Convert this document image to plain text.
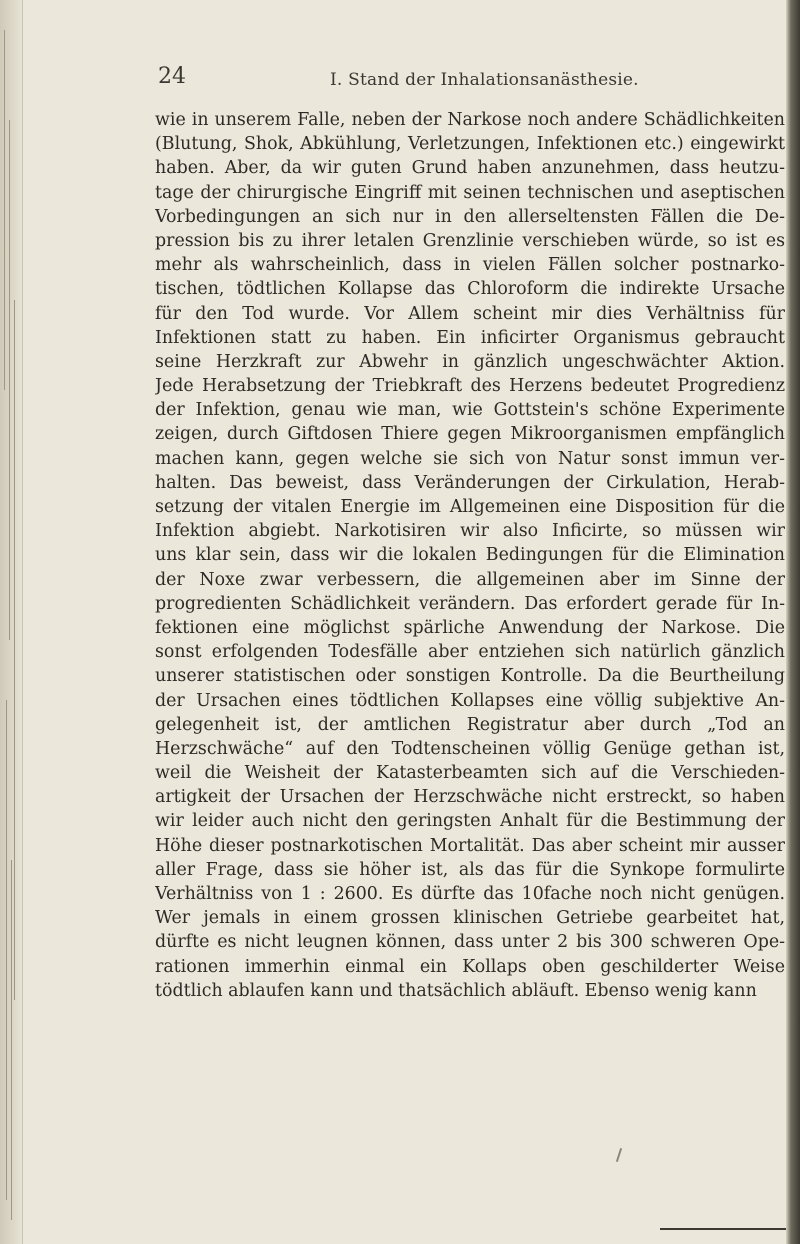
24	I. Stand der Inhalationsanästhesie.
wie in unserem Falle, neben der Narkose noch andere Schädlichkeiten
(Blutung, Shok, Abkühlung, Verletzungen, Infektionen etc.) eingewirkt
haben. Aber, da wir guten Grund haben anzunehmen, dass heutzu-
tage der chirurgische Eingriff mit seinen technischen und aseptischen
Vorbedingungen an sich nur in den allerseltensten Fällen die De-
pression bis zu ihrer letalen Grenzlinie verschieben würde, so ist es
mehr als wahrscheinlich, dass in vielen Fällen solcher postnarko-
tischen, tödtlichen Kollapse das Chloroform die indirekte Ursache
für den Tod wurde. Vor Allem scheint mir dies Verhältniss für
Infektionen statt zu haben. Ein inficirter Organismus gebraucht
seine Herzkraft zur Abwehr in gänzlich ungeschwächter Aktion.
Jede Herabsetzung der Triebkraft des Herzens bedeutet Progredienz
der Infektion, genau wie man, wie Gottstein's schöne Experimente
zeigen, durch Giftdosen Thiere gegen Mikroorganismen empfänglich
machen kann, gegen welche sie sich von Natur sonst immun ver-
halten. Das beweist, dass Veränderungen der Cirkulation, Herab-
setzung der vitalen Energie im Allgemeinen eine Disposition für die
Infektion abgiebt. Narkotisiren wir also Inficirte, so müssen wir
uns klar sein, dass wir die lokalen Bedingungen für die Elimination
der Noxe zwar verbessern, die allgemeinen aber im Sinne der
progredienten Schädlichkeit verändern. Das erfordert gerade für In-
fektionen eine möglichst spärliche Anwendung der Narkose. Die
sonst erfolgenden Todesfälle aber entziehen sich natürlich gänzlich
unserer statistischen oder sonstigen Kontrolle. Da die Beurtheilung
der Ursachen eines tödtlichen Kollapses eine völlig subjektive An-
gelegenheit ist, der amtlichen Registratur aber durch „Tod an
Herzschwäche“ auf den Todtenscheinen völlig Genüge gethan ist,
weil die Weisheit der Katasterbeamten sich auf die Verschieden-
artigkeit der Ursachen der Herzschwäche nicht erstreckt, so haben
wir leider auch nicht den geringsten Anhalt für die Bestimmung der
Höhe dieser postnarkotischen Mortalität. Das aber scheint mir ausser
aller Frage, dass sie höher ist, als das für die Synkope formulirte
Verhältniss von 1 : 2600. Es dürfte das 10fache noch nicht genügen.
Wer jemals in einem grossen klinischen Getriebe gearbeitet hat,
dürfte es nicht leugnen können, dass unter 2 bis 300 schweren Ope-
rationen immerhin einmal ein Kollaps oben geschilderter Weise
tödtlich ablaufen kann und thatsächlich abläuft. Ebenso wenig kann
